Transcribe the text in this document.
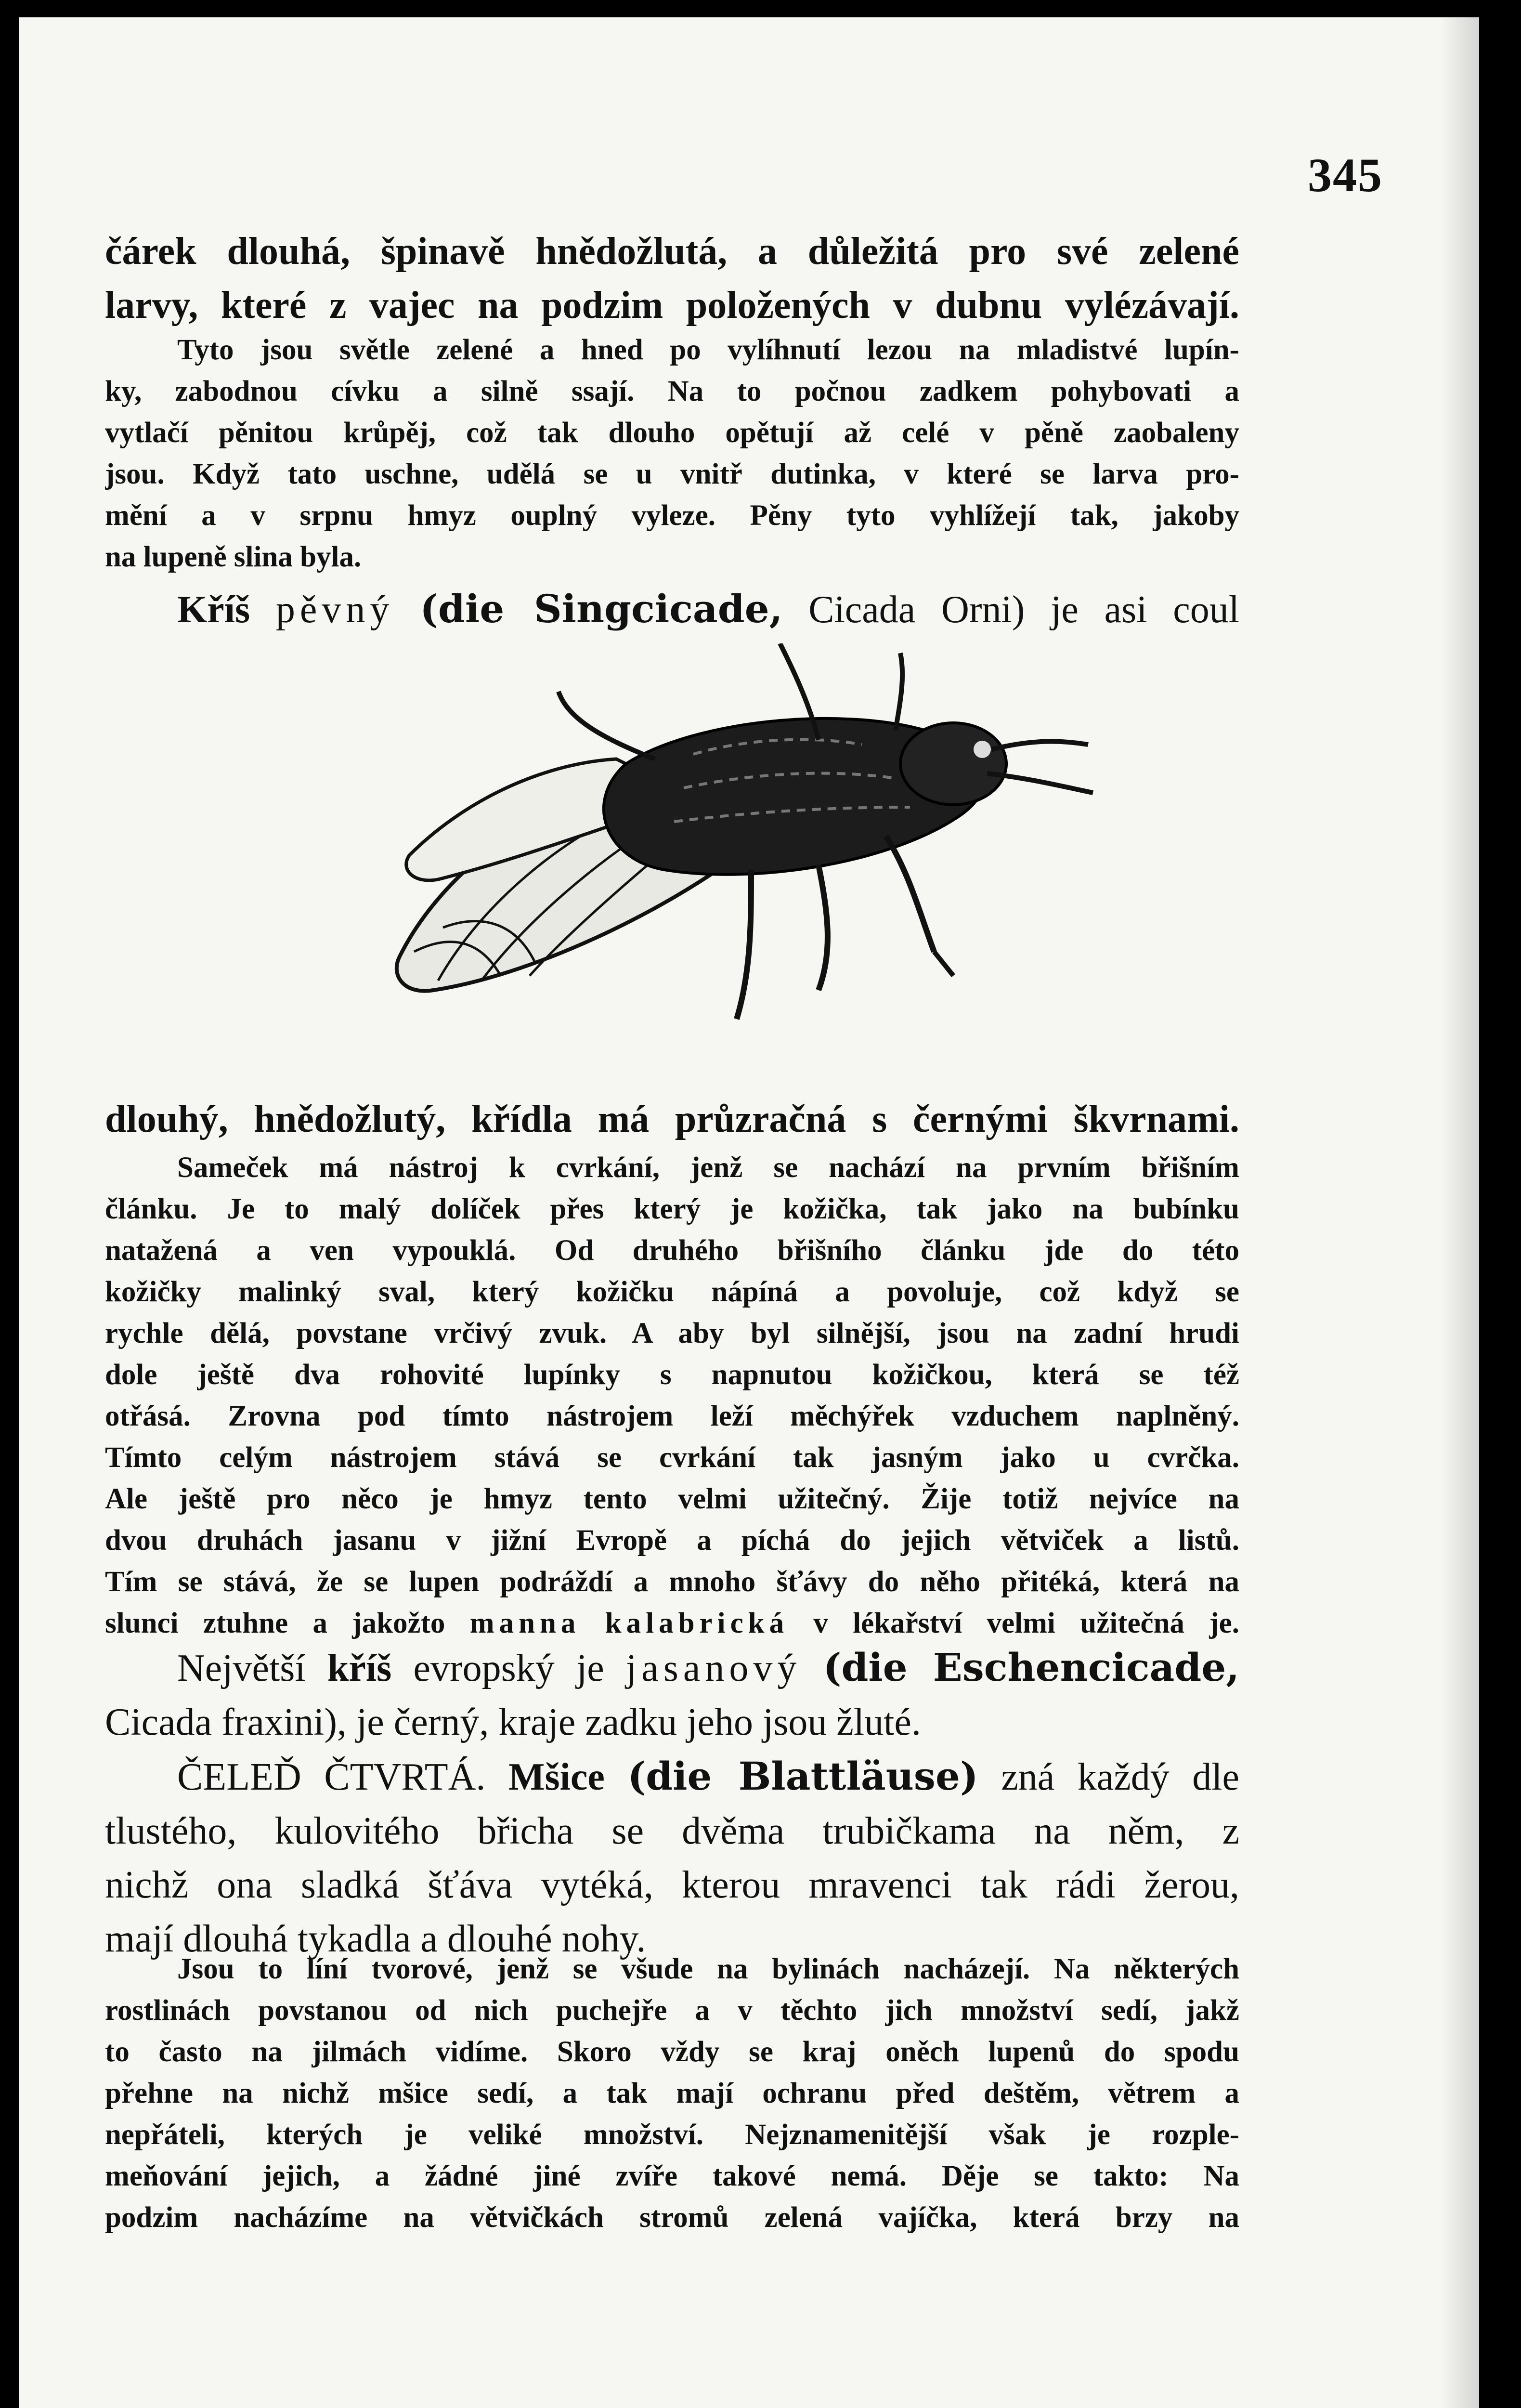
345
čárek dlouhá, špinavě hnědožlutá, a důležitá pro své zelené
larvy, které z vajec na podzim položených v dubnu vylézávají.
Tyto jsou světle zelené a hned po vylíhnutí lezou na mladistvé lupín-
ky, zabodnou cívku a silně ssají. Na to počnou zadkem pohybovati a
vytlačí pěnitou krůpěj, což tak dlouho opětují až celé v pěně zaobaleny
jsou. Když tato uschne, udělá se u vnitř dutinka, v které se larva pro-
mění a v srpnu hmyz ouplný vyleze. Pěny tyto vyhlížejí tak, jakoby
na lupeně slina byla.
Kříš pěvný (die Singcicade, Cicada Orni) je asi coul
dlouhý, hnědožlutý, křídla má průzračná s černými škvrnami.
Sameček má nástroj k cvrkání, jenž se nachází na prvním břišním
článku. Je to malý dolíček přes který je kožička, tak jako na bubínku
natažená a ven vypouklá. Od druhého břišního článku jde do této
kožičky malinký sval, který kožičku nápíná a povoluje, což když se
rychle dělá, povstane vrčivý zvuk. A aby byl silnější, jsou na zadní hrudi
dole ještě dva rohovité lupínky s napnutou kožičkou, která se též
otřásá. Zrovna pod tímto nástrojem leží měchýřek vzduchem naplněný.
Tímto celým nástrojem stává se cvrkání tak jasným jako u cvrčka.
Ale ještě pro něco je hmyz tento velmi užitečný. Žije totiž nejvíce na
dvou druhách jasanu v jižní Evropě a píchá do jejich větviček a listů.
Tím se stává, že se lupen podráždí a mnoho šťávy do něho přitéká, která na
slunci ztuhne a jakožto manna kalabrická v lékařství velmi užitečná je.
Největší kříš evropský je jasanový (die Eschencicade,
Cicada fraxini), je černý, kraje zadku jeho jsou žluté.
ČELEĎ ČTVRTÁ. Mšice (die Blattläuse) zná každý dle
tlustého, kulovitého břicha se dvěma trubičkama na něm, z
nichž ona sladká šťáva vytéká, kterou mravenci tak rádi žerou,
mají dlouhá tykadla a dlouhé nohy.
Jsou to líní tvorové, jenž se všude na bylinách nacházejí. Na některých
rostlinách povstanou od nich puchejře a v těchto jich množství sedí, jakž
to často na jilmách vidíme. Skoro vždy se kraj oněch lupenů do spodu
přehne na nichž mšice sedí, a tak mají ochranu před deštěm, větrem a
nepřáteli, kterých je veliké množství. Nejznamenitější však je rozple-
meňování jejich, a žádné jiné zvíře takové nemá. Děje se takto: Na
podzim nacházíme na větvičkách stromů zelená vajíčka, která brzy na
